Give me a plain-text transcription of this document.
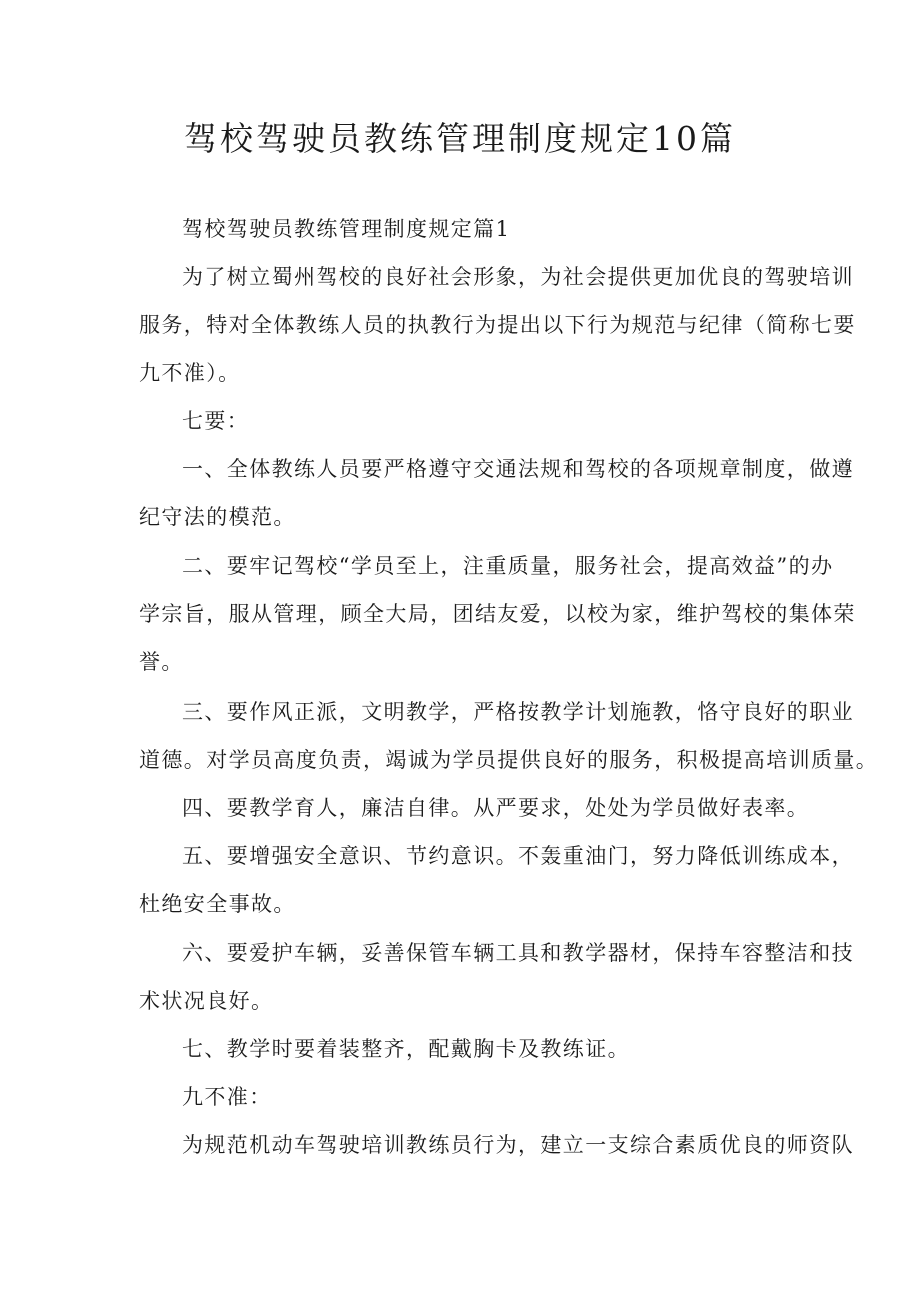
驾校驾驶员教练管理制度规定10篇

驾校驾驶员教练管理制度规定篇1

为了树立蜀州驾校的良好社会形象，为社会提供更加优良的驾驶培训

服务，特对全体教练人员的执教行为提出以下行为规范与纪律（简称七要

九不准）。

七要：

一、全体教练人员要严格遵守交通法规和驾校的各项规章制度，做遵

纪守法的模范。

二、要牢记驾校“学员至上，注重质量，服务社会，提高效益”的办

学宗旨，服从管理，顾全大局，团结友爱，以校为家，维护驾校的集体荣

誉。

三、要作风正派，文明教学，严格按教学计划施教，恪守良好的职业

道德。对学员高度负责，竭诚为学员提供良好的服务，积极提高培训质量。

四、要教学育人，廉洁自律。从严要求，处处为学员做好表率。

五、要增强安全意识、节约意识。不轰重油门，努力降低训练成本，

杜绝安全事故。

六、要爱护车辆，妥善保管车辆工具和教学器材，保持车容整洁和技

术状况良好。

七、教学时要着装整齐，配戴胸卡及教练证。

九不准：

为规范机动车驾驶培训教练员行为，建立一支综合素质优良的师资队
